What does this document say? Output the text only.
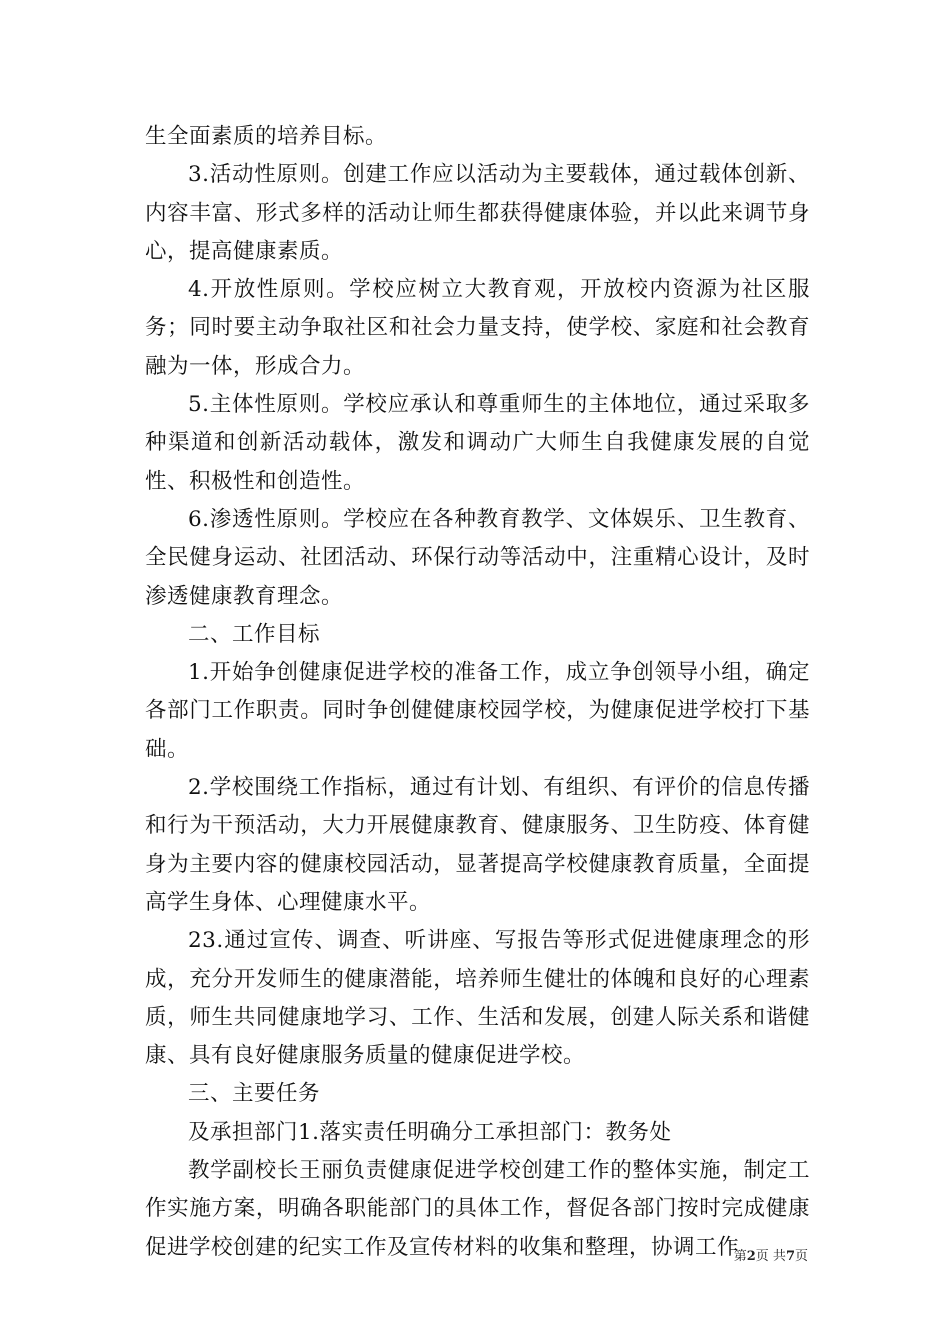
生全面素质的培养目标。

3.活动性原则。创建工作应以活动为主要载体，通过载体创新、内容丰富、形式多样的活动让师生都获得健康体验，并以此来调节身心，提高健康素质。

4.开放性原则。学校应树立大教育观，开放校内资源为社区服务；同时要主动争取社区和社会力量支持，使学校、家庭和社会教育融为一体，形成合力。

5.主体性原则。学校应承认和尊重师生的主体地位，通过采取多种渠道和创新活动载体，激发和调动广大师生自我健康发展的自觉性、积极性和创造性。

6.渗透性原则。学校应在各种教育教学、文体娱乐、卫生教育、全民健身运动、社团活动、环保行动等活动中，注重精心设计，及时渗透健康教育理念。

二、工作目标

1.开始争创健康促进学校的准备工作，成立争创领导小组，确定各部门工作职责。同时争创健健康校园学校，为健康促进学校打下基础。

2.学校围绕工作指标，通过有计划、有组织、有评价的信息传播和行为干预活动，大力开展健康教育、健康服务、卫生防疫、体育健身为主要内容的健康校园活动，显著提高学校健康教育质量，全面提高学生身体、心理健康水平。

23.通过宣传、调查、听讲座、写报告等形式促进健康理念的形成，充分开发师生的健康潜能，培养师生健壮的体魄和良好的心理素质，师生共同健康地学习、工作、生活和发展，创建人际关系和谐健康、具有良好健康服务质量的健康促进学校。

三、主要任务

及承担部门1.落实责任明确分工承担部门：教务处

教学副校长王丽负责健康促进学校创建工作的整体实施，制定工作实施方案，明确各职能部门的具体工作，督促各部门按时完成健康促进学校创建的纪实工作及宣传材料的收集和整理，协调工作

第2页 共7页
